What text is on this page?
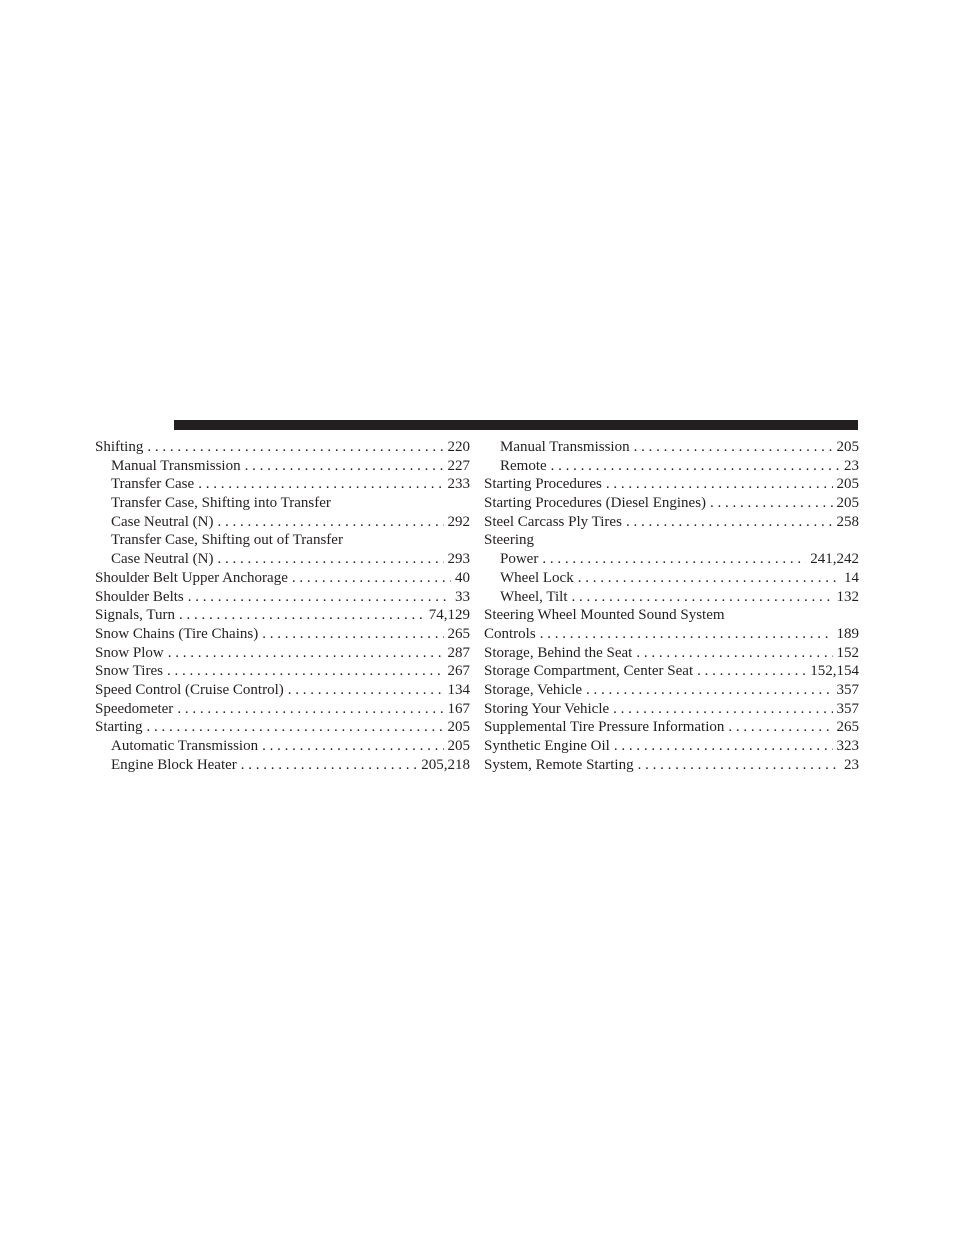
Shifting . . .	220
Manual Transmission . . .	227
Transfer Case . . .	233
Transfer Case, Shifting into Transfer
Case Neutral (N) . . .	292
Transfer Case, Shifting out of Transfer
Case Neutral (N) . . .	293
Shoulder Belt Upper Anchorage . . .	40
Shoulder Belts . . .	33
Signals, Turn . . .	74,129
Snow Chains (Tire Chains) . . .	265
Snow Plow . . .	287
Snow Tires . . .	267
Speed Control (Cruise Control) . . .	134
Speedometer . . .	167
Starting . . .	205
Automatic Transmission . . .	205
Engine Block Heater . . .	205,218
Manual Transmission . . .	205
Remote . . .	23
Starting Procedures . . .	205
Starting Procedures (Diesel Engines) . . .	205
Steel Carcass Ply Tires . . .	258
Steering
Power . . .	241,242
Wheel Lock . . .	14
Wheel, Tilt . . .	132
Steering Wheel Mounted Sound System
Controls . . .	189
Storage, Behind the Seat . . .	152
Storage Compartment, Center Seat . . .	152,154
Storage, Vehicle . . .	357
Storing Your Vehicle . . .	357
Supplemental Tire Pressure Information . . .	265
Synthetic Engine Oil . . .	323
System, Remote Starting . . .	23
